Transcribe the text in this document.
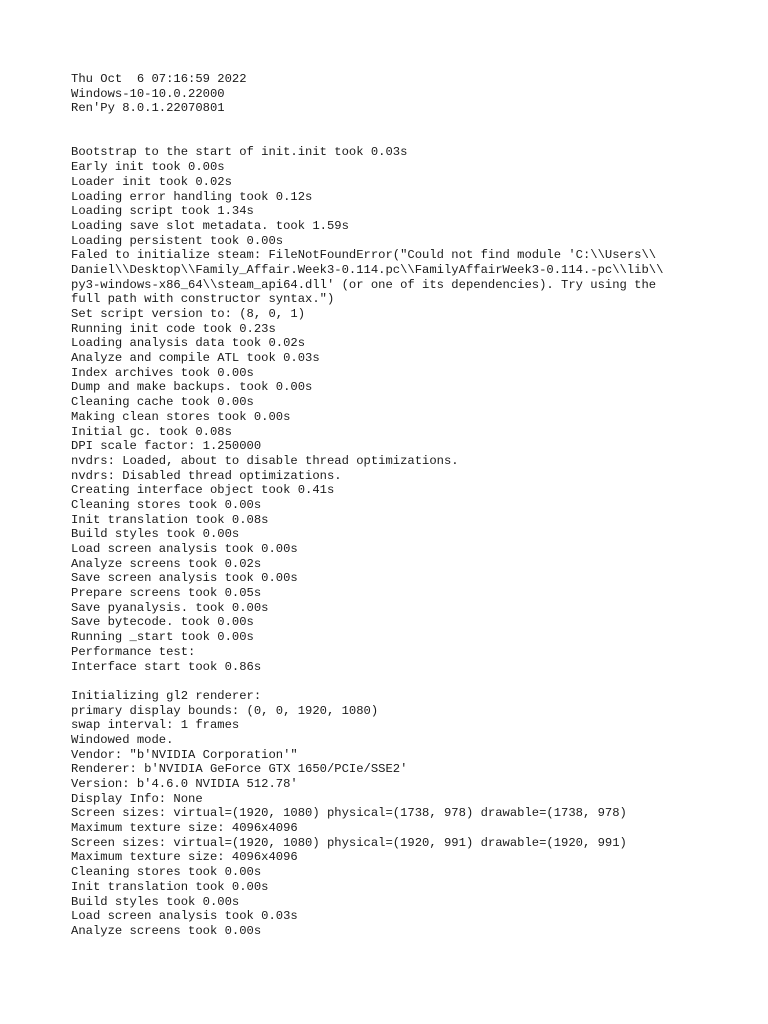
Thu Oct  6 07:16:59 2022
Windows-10-10.0.22000
Ren'Py 8.0.1.22070801
Bootstrap to the start of init.init took 0.03s
Early init took 0.00s
Loader init took 0.02s
Loading error handling took 0.12s
Loading script took 1.34s
Loading save slot metadata. took 1.59s
Loading persistent took 0.00s
Faled to initialize steam: FileNotFoundError("Could not find module 'C:\\Users\\
Daniel\\Desktop\\Family_Affair.Week3-0.114.pc\\FamilyAffairWeek3-0.114.-pc\\lib\\
py3-windows-x86_64\\steam_api64.dll' (or one of its dependencies). Try using the
full path with constructor syntax.")
Set script version to: (8, 0, 1)
Running init code took 0.23s
Loading analysis data took 0.02s
Analyze and compile ATL took 0.03s
Index archives took 0.00s
Dump and make backups. took 0.00s
Cleaning cache took 0.00s
Making clean stores took 0.00s
Initial gc. took 0.08s
DPI scale factor: 1.250000
nvdrs: Loaded, about to disable thread optimizations.
nvdrs: Disabled thread optimizations.
Creating interface object took 0.41s
Cleaning stores took 0.00s
Init translation took 0.08s
Build styles took 0.00s
Load screen analysis took 0.00s
Analyze screens took 0.02s
Save screen analysis took 0.00s
Prepare screens took 0.05s
Save pyanalysis. took 0.00s
Save bytecode. took 0.00s
Running _start took 0.00s
Performance test:
Interface start took 0.86s
Initializing gl2 renderer:
primary display bounds: (0, 0, 1920, 1080)
swap interval: 1 frames
Windowed mode.
Vendor: "b'NVIDIA Corporation'"
Renderer: b'NVIDIA GeForce GTX 1650/PCIe/SSE2'
Version: b'4.6.0 NVIDIA 512.78'
Display Info: None
Screen sizes: virtual=(1920, 1080) physical=(1738, 978) drawable=(1738, 978)
Maximum texture size: 4096x4096
Screen sizes: virtual=(1920, 1080) physical=(1920, 991) drawable=(1920, 991)
Maximum texture size: 4096x4096
Cleaning stores took 0.00s
Init translation took 0.00s
Build styles took 0.00s
Load screen analysis took 0.03s
Analyze screens took 0.00s
